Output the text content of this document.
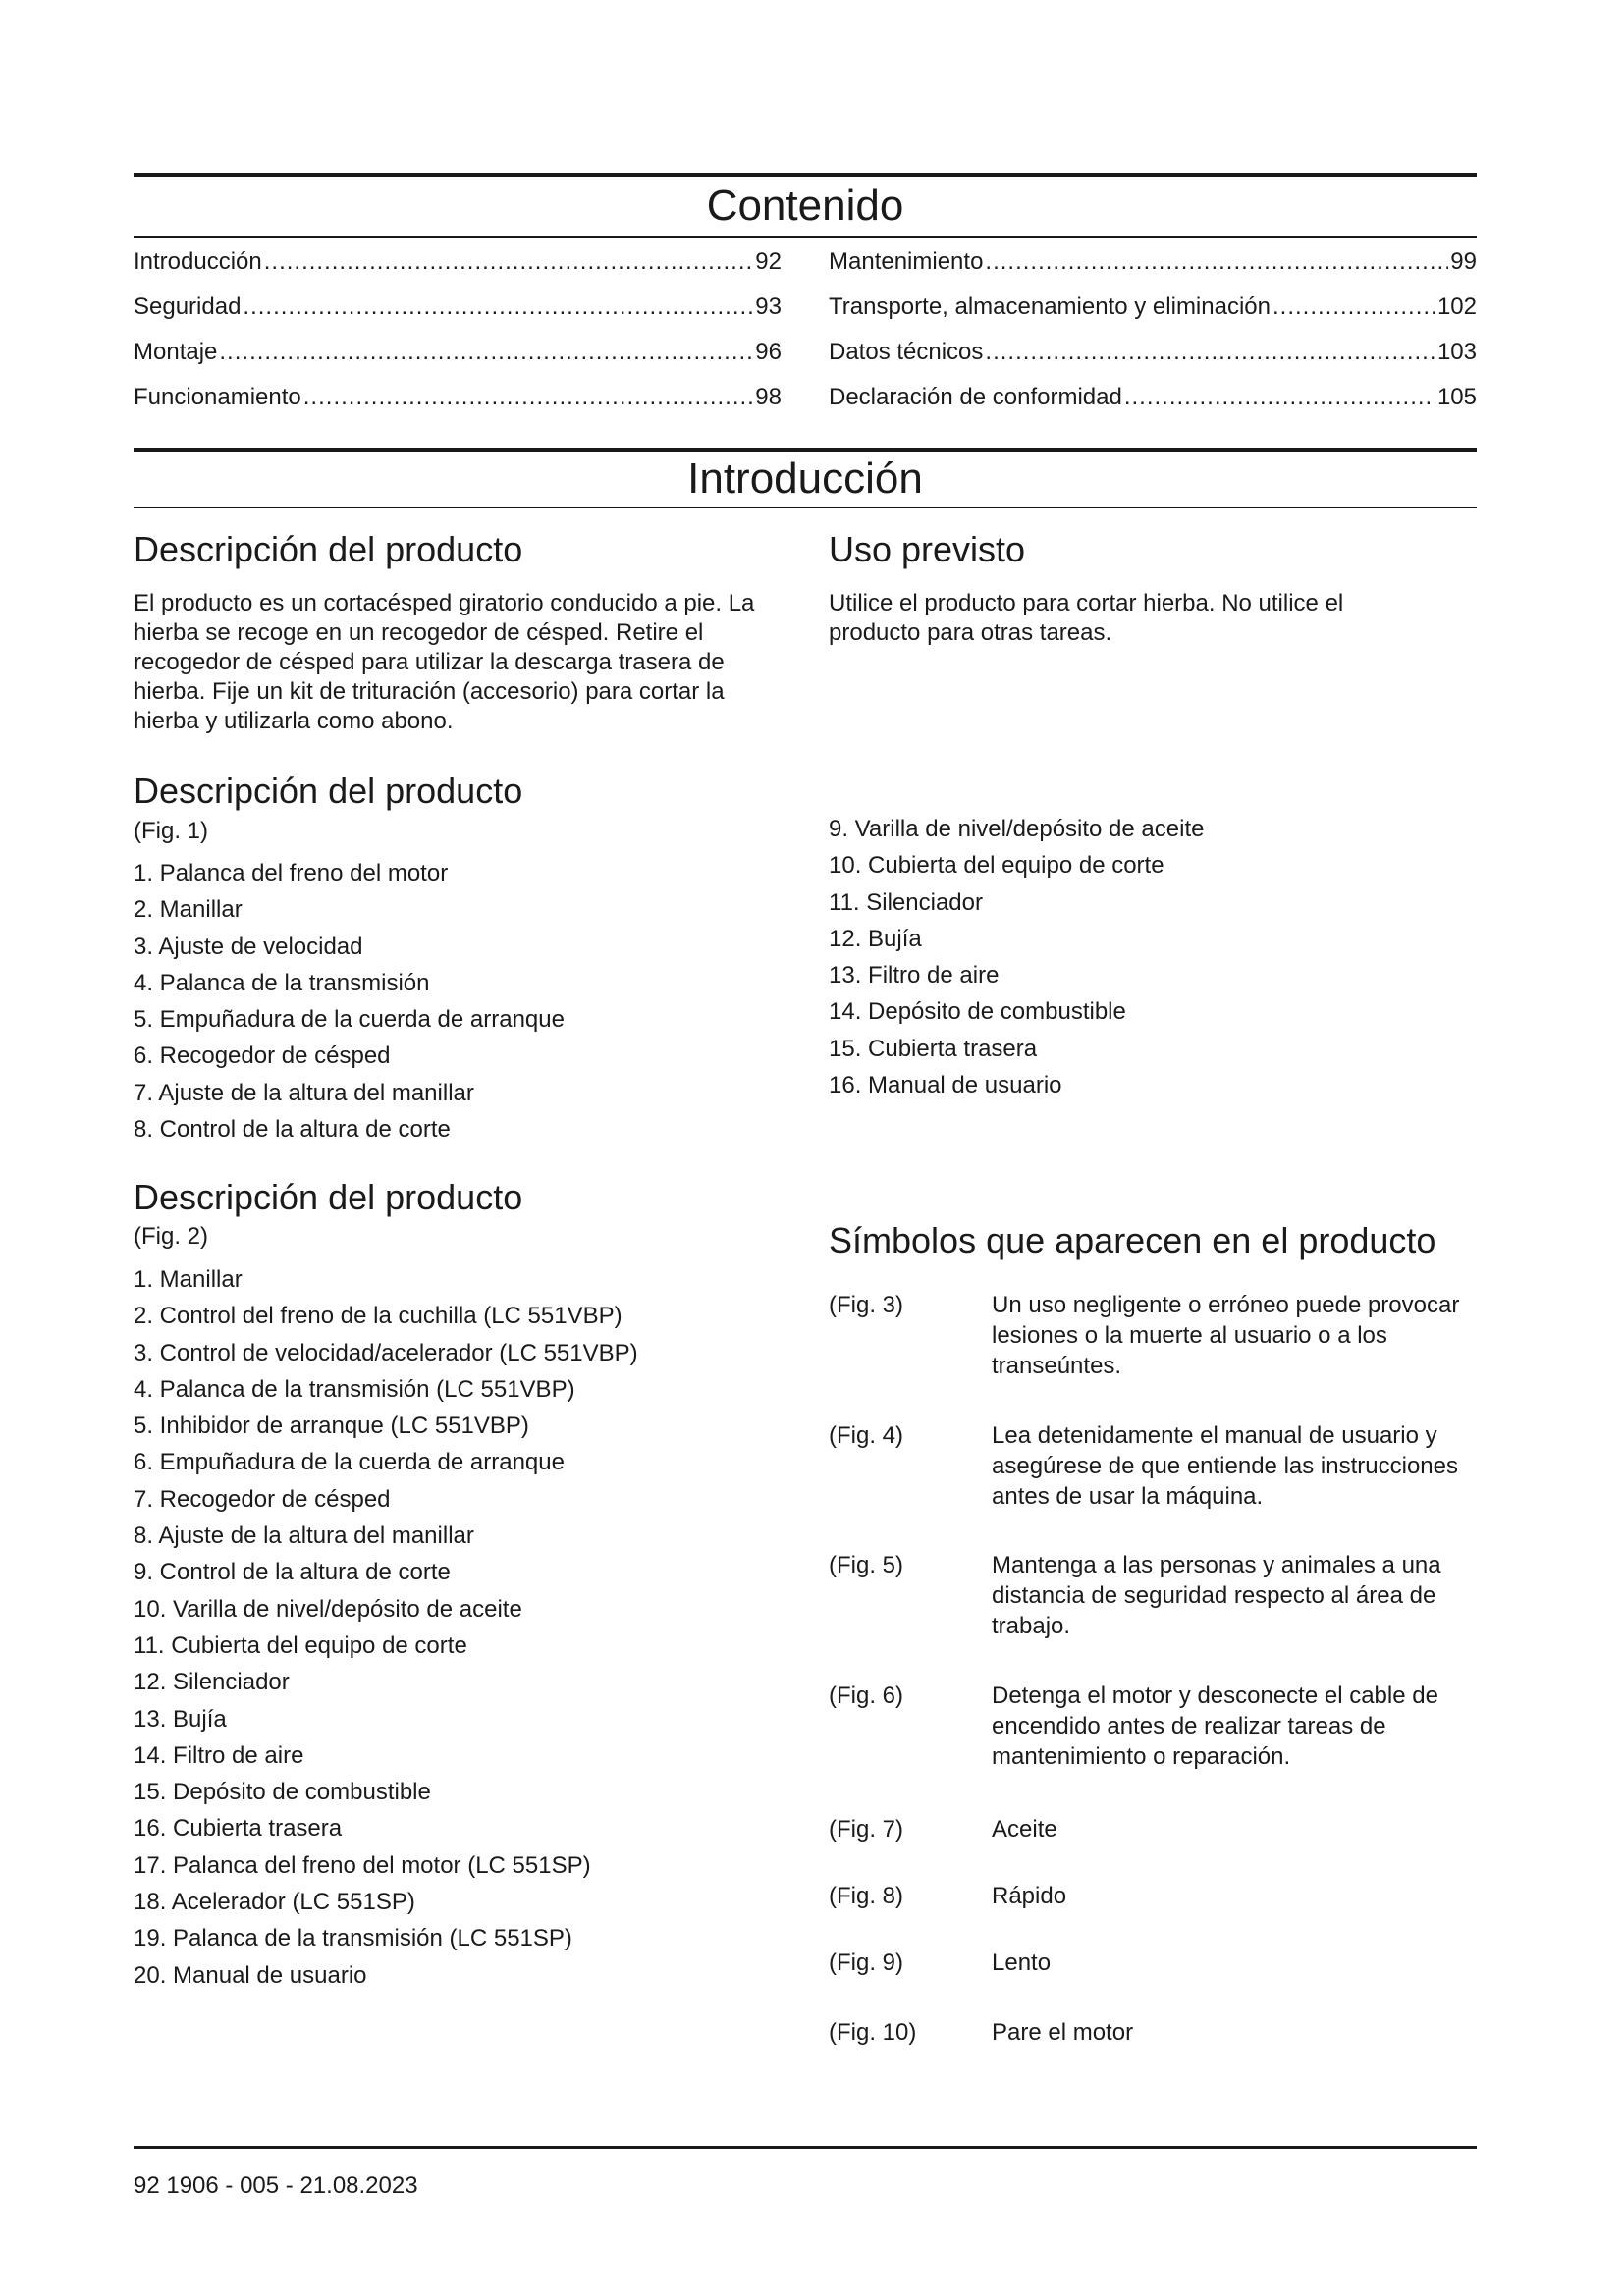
Contenido
Introducción .....	92
Seguridad .....	93
Montaje .....	96
Funcionamiento .....	98
Mantenimiento .....	99
Transporte, almacenamiento y eliminación .....	102
Datos técnicos .....	103
Declaración de conformidad .....	105
Introducción
Descripción del producto

El producto es un cortacésped giratorio conducido a pie. La hierba se recoge en un recogedor de césped. Retire el recogedor de césped para utilizar la descarga trasera de hierba. Fije un kit de trituración (accesorio) para cortar la hierba y utilizarla como abono.

Uso previsto

Utilice el producto para cortar hierba. No utilice el producto para otras tareas.

Descripción del producto

(Fig. 1)

1. Palanca del freno del motor
2. Manillar
3. Ajuste de velocidad
4. Palanca de la transmisión
5. Empuñadura de la cuerda de arranque
6. Recogedor de césped
7. Ajuste de la altura del manillar
8. Control de la altura de corte
9. Varilla de nivel/depósito de aceite
10. Cubierta del equipo de corte
11. Silenciador
12. Bujía
13. Filtro de aire
14. Depósito de combustible
15. Cubierta trasera
16. Manual de usuario
Descripción del producto

(Fig. 2)

1. Manillar
2. Control del freno de la cuchilla (LC 551VBP)
3. Control de velocidad/acelerador (LC 551VBP)
4. Palanca de la transmisión (LC 551VBP)
5. Inhibidor de arranque (LC 551VBP)
6. Empuñadura de la cuerda de arranque
7. Recogedor de césped
8. Ajuste de la altura del manillar
9. Control de la altura de corte
10. Varilla de nivel/depósito de aceite
11. Cubierta del equipo de corte
12. Silenciador
13. Bujía
14. Filtro de aire
15. Depósito de combustible
16. Cubierta trasera
17. Palanca del freno del motor (LC 551SP)
18. Acelerador (LC 551SP)
19. Palanca de la transmisión (LC 551SP)
20. Manual de usuario
Símbolos que aparecen en el producto
(Fig. 3)	Un uso negligente o erróneo puede provocar lesiones o la muerte al usuario o a los transeúntes.
(Fig. 4)	Lea detenidamente el manual de usuario y asegúrese de que entiende las instrucciones antes de usar la máquina.
(Fig. 5)	Mantenga a las personas y animales a una distancia de seguridad respecto al área de trabajo.
(Fig. 6)	Detenga el motor y desconecte el cable de encendido antes de realizar tareas de mantenimiento o reparación.
(Fig. 7)	Aceite
(Fig. 8)	Rápido
(Fig. 9)	Lento
(Fig. 10)	Pare el motor

92 1906 - 005 - 21.08.2023
